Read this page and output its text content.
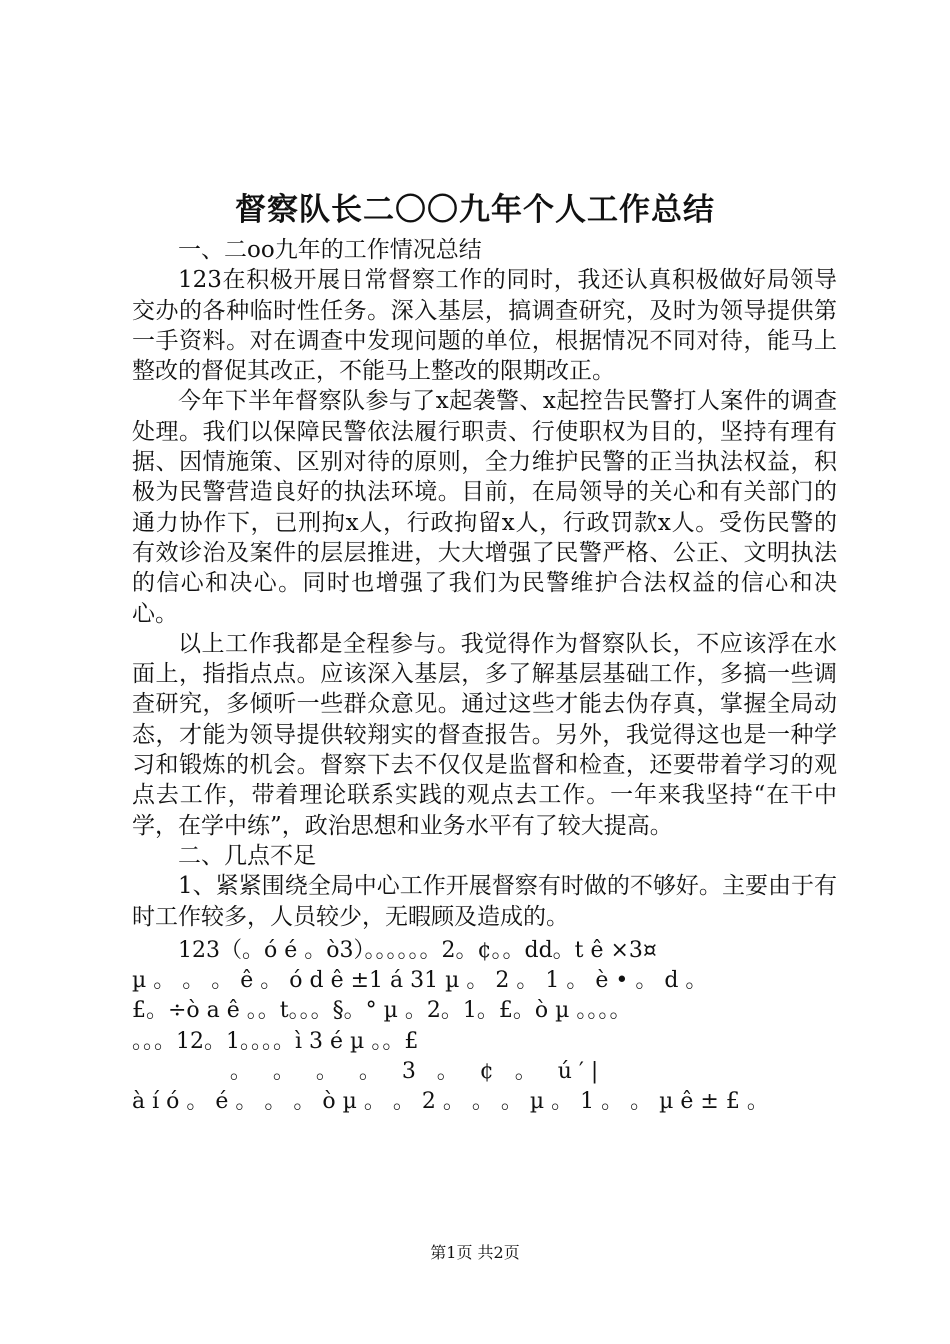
督察队长二〇〇九年个人工作总结

一、二oo九年的工作情况总结

123在积极开展日常督察工作的同时，我还认真积极做好局领导交办的各种临时性任务。深入基层，搞调查研究，及时为领导提供第一手资料。对在调查中发现问题的单位，根据情况不同对待，能马上整改的督促其改正，不能马上整改的限期改正。

今年下半年督察队参与了x起袭警、x起控告民警打人案件的调查处理。我们以保障民警依法履行职责、行使职权为目的，坚持有理有据、因情施策、区别对待的原则，全力维护民警的正当执法权益，积极为民警营造良好的执法环境。目前，在局领导的关心和有关部门的通力协作下，已刑拘x人，行政拘留x人，行政罚款x人。受伤民警的有效诊治及案件的层层推进，大大增强了民警严格、公正、文明执法的信心和决心。同时也增强了我们为民警维护合法权益的信心和决心。

以上工作我都是全程参与。我觉得作为督察队长，不应该浮在水面上，指指点点。应该深入基层，多了解基层基础工作，多搞一些调查研究，多倾听一些群众意见。通过这些才能去伪存真，掌握全局动态，才能为领导提供较翔实的督查报告。另外，我觉得这也是一种学习和锻炼的机会。督察下去不仅仅是监督和检查，还要带着学习的观点去工作，带着理论联系实践的观点去工作。一年来我坚持“在干中学，在学中练”，政治思想和业务水平有了较大提高。

二、几点不足

1、紧紧围绕全局中心工作开展督察有时做的不够好。主要由于有时工作较多，人员较少，无暇顾及造成的。

123（。ó é 。ò3）。。。。。。2。¢。。dd。t ê ×3¤

µ 。 。 。 ê 。 ó d ê ±1 á 31 µ 。 2 。 1 。 è • 。 d 。

£。÷ò a ê 。。t。。。§。° µ 。2。1。£。ò µ 。。。。

。。。12。1。。。。ì 3 é µ 。。£

。   。   。   。   3   。   ¢   。   ú ′ |

à í ó 。 é 。 。 。 ò µ 。 。 2 。 。 。 µ 。 1 。 。 µ ê ± £ 。

第1页 共2页
